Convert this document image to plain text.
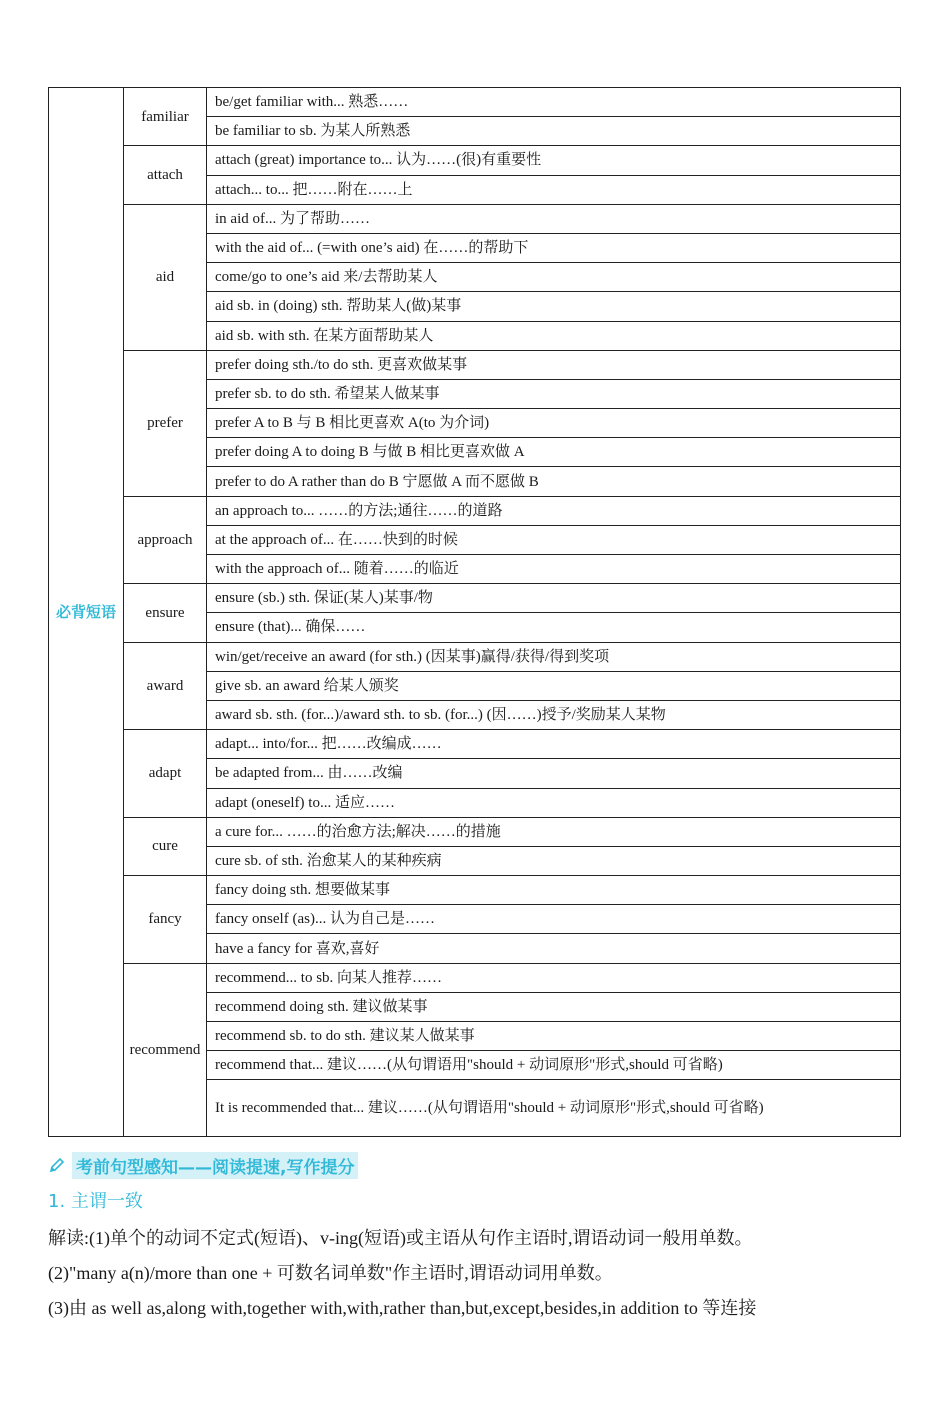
必背短语	familiar	be/get familiar with... 熟悉……
		be familiar to sb. 为某人所熟悉
	attach	attach (great) importance to... 认为……(很)有重要性
		attach... to... 把……附在……上
	aid	in aid of... 为了帮助……
		with the aid of... (=with one’s aid) 在……的帮助下
		come/go to one’s aid 来/去帮助某人
		aid sb. in (doing) sth. 帮助某人(做)某事
		aid sb. with sth. 在某方面帮助某人
	prefer	prefer doing sth./to do sth. 更喜欢做某事
		prefer sb. to do sth. 希望某人做某事
		prefer A to B 与 B 相比更喜欢 A(to 为介词)
		prefer doing A to doing B 与做 B 相比更喜欢做 A
		prefer to do A rather than do B 宁愿做 A 而不愿做 B
	approach	an approach to... ……的方法;通往……的道路
		at the approach of... 在……快到的时候
		with the approach of... 随着……的临近
	ensure	ensure (sb.) sth. 保证(某人)某事/物
		ensure (that)... 确保……
	award	win/get/receive an award (for sth.) (因某事)赢得/获得/得到奖项
		give sb. an award 给某人颁奖
		award sb. sth. (for...)/award sth. to sb. (for...) (因……)授予/奖励某人某物
	adapt	adapt... into/for... 把……改编成……
		be adapted from... 由……改编
		adapt (oneself) to... 适应……
	cure	a cure for... ……的治愈方法;解决……的措施
		cure sb. of sth. 治愈某人的某种疾病
	fancy	fancy doing sth. 想要做某事
		fancy onself (as)... 认为自己是……
		have a fancy for 喜欢,喜好
	recommend	recommend... to sb. 向某人推荐……
		recommend doing sth. 建议做某事
		recommend sb. to do sth. 建议某人做某事
		recommend that... 建议……(从句谓语用"should + 动词原形"形式,should 可省略)
		It is recommended that... 建议……(从句谓语用"should + 动词原形"形式,should 可省略)
考前句型感知——阅读提速,写作提分
1. 主谓一致
解读:(1)单个的动词不定式(短语)、v-ing(短语)或主语从句作主语时,谓语动词一般用单数。
(2)"many a(n)/more than one + 可数名词单数"作主语时,谓语动词用单数。
(3)由 as well as,along with,together with,with,rather than,but,except,besides,in addition to 等连接
